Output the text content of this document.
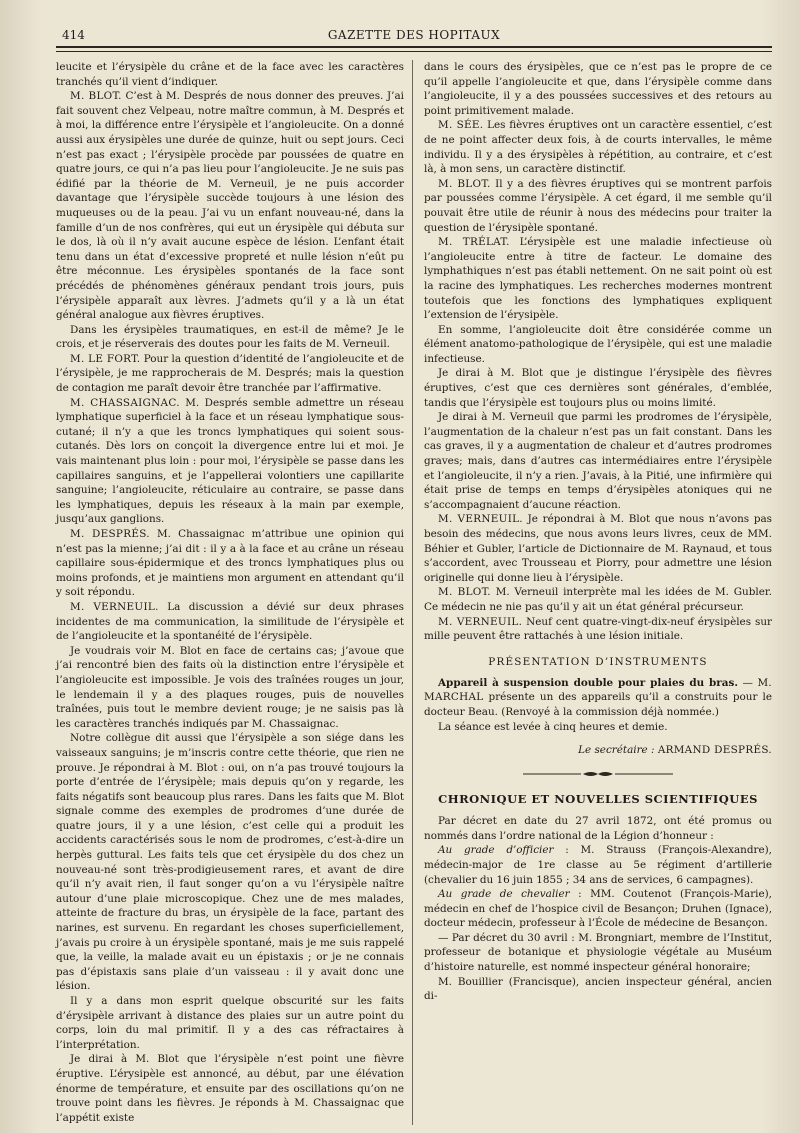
414	GAZETTE DES HOPITAUX

leucite et l’érysipèle du crâne et de la face avec les caractères tranchés qu’il vient d’indiquer.

M. BLOT. C’est à M. Després de nous donner des preuves. J’ai fait souvent chez Velpeau, notre maître commun, à M. Després et à moi, la différence entre l’érysipèle et l’angioleucite. On a donné aussi aux érysipèles une durée de quinze, huit ou sept jours. Ceci n’est pas exact ; l’érysipèle procède par poussées de quatre en quatre jours, ce qui n’a pas lieu pour l’angioleucite. Je ne suis pas édifié par la théorie de M. Verneuil, je ne puis accorder davantage que l’érysipèle succède toujours à une lésion des muqueuses ou de la peau. J’ai vu un enfant nouveau-né, dans la famille d’un de nos confrères, qui eut un érysipèle qui débuta sur le dos, là où il n’y avait aucune espèce de lésion. L’enfant était tenu dans un état d’excessive propreté et nulle lésion n’eût pu être méconnue. Les érysipèles spontanés de la face sont précédés de phénomènes généraux pendant trois jours, puis l’érysipèle apparaît aux lèvres. J’admets qu’il y a là un état général analogue aux fièvres éruptives.

Dans les érysipèles traumatiques, en est-il de même? Je le crois, et je réserverais des doutes pour les faits de M. Verneuil.

M. LE FORT. Pour la question d’identité de l’angioleucite et de l’érysipèle, je me rapprocherais de M. Després; mais la question de contagion me paraît devoir être tranchée par l’affirmative.

M. CHASSAIGNAC. M. Després semble admettre un réseau lymphatique superficiel à la face et un réseau lymphatique sous-cutané; il n’y a que les troncs lymphatiques qui soient sous-cutanés. Dès lors on conçoit la divergence entre lui et moi. Je vais maintenant plus loin : pour moi, l’érysipèle se passe dans les capillaires sanguins, et je l’appellerai volontiers une capillarite sanguine; l’angioleucite, réticulaire au contraire, se passe dans les lymphatiques, depuis les réseaux à la main par exemple, jusqu’aux ganglions.

M. DESPRÉS. M. Chassaignac m’attribue une opinion qui n’est pas la mienne; j’ai dit : il y a à la face et au crâne un réseau capillaire sous-épidermique et des troncs lymphatiques plus ou moins profonds, et je maintiens mon argument en attendant qu’il y soit répondu.

M. VERNEUIL. La discussion a dévié sur deux phrases incidentes de ma communication, la similitude de l’érysipèle et de l’angioleucite et la spontanéité de l’érysipèle.

Je voudrais voir M. Blot en face de certains cas; j’avoue que j’ai rencontré bien des faits où la distinction entre l’érysipèle et l’angioleucite est impossible. Je vois des traînées rouges un jour, le lendemain il y a des plaques rouges, puis de nouvelles traînées, puis tout le membre devient rouge; je ne saisis pas là les caractères tranchés indiqués par M. Chassaignac.

Notre collègue dit aussi que l’érysipèle a son siége dans les vaisseaux sanguins; je m’inscris contre cette théorie, que rien ne prouve. Je répondrai à M. Blot : oui, on n’a pas trouvé toujours la porte d’entrée de l’érysipèle; mais depuis qu’on y regarde, les faits négatifs sont beaucoup plus rares. Dans les faits que M. Blot signale comme des exemples de prodromes d’une durée de quatre jours, il y a une lésion, c’est celle qui a produit les accidents caractérisés sous le nom de prodromes, c’est-à-dire un herpès guttural. Les faits tels que cet érysipèle du dos chez un nouveau-né sont très-prodigieusement rares, et avant de dire qu’il n’y avait rien, il faut songer qu’on a vu l’érysipèle naître autour d’une plaie microscopique. Chez une de mes malades, atteinte de fracture du bras, un érysipèle de la face, partant des narines, est survenu. En regardant les choses superficiellement, j’avais pu croire à un érysipèle spontané, mais je me suis rappelé que, la veille, la malade avait eu un épistaxis ; or je ne connais pas d’épistaxis sans plaie d’un vaisseau : il y avait donc une lésion.

Il y a dans mon esprit quelque obscurité sur les faits d’érysipèle arrivant à distance des plaies sur un autre point du corps, loin du mal primitif. Il y a des cas réfractaires à l’interprétation.

Je dirai à M. Blot que l’érysipèle n’est point une fièvre éruptive. L’érysipèle est annoncé, au début, par une élévation énorme de température, et ensuite par des oscillations qu’on ne trouve point dans les fièvres. Je réponds à M. Chassaignac que l’appétit existe

dans le cours des érysipèles, que ce n’est pas le propre de ce qu’il appelle l’angioleucite et que, dans l’érysipèle comme dans l’angioleucite, il y a des poussées successives et des retours au point primitivement malade.

M. SÉE. Les fièvres éruptives ont un caractère essentiel, c’est de ne point affecter deux fois, à de courts intervalles, le même individu. Il y a des érysipèles à répétition, au contraire, et c’est là, à mon sens, un caractère distinctif.

M. BLOT. Il y a des fièvres éruptives qui se montrent parfois par poussées comme l’érysipèle. A cet égard, il me semble qu’il pouvait être utile de réunir à nous des médecins pour traiter la question de l’érysipèle spontané.

M. TRÉLAT. L’érysipèle est une maladie infectieuse où l’angioleucite entre à titre de facteur. Le domaine des lymphathiques n’est pas établi nettement. On ne sait point où est la racine des lymphatiques. Les recherches modernes montrent toutefois que les fonctions des lymphatiques expliquent l’extension de l’érysipèle.

En somme, l’angioleucite doit être considérée comme un élément anatomo-pathologique de l’érysipèle, qui est une maladie infectieuse.

Je dirai à M. Blot que je distingue l’érysipèle des fièvres éruptives, c’est que ces dernières sont générales, d’emblée, tandis que l’érysipèle est toujours plus ou moins limité.

Je dirai à M. Verneuil que parmi les prodromes de l’érysipèle, l’augmentation de la chaleur n’est pas un fait constant. Dans les cas graves, il y a augmentation de chaleur et d’autres prodromes graves; mais, dans d’autres cas intermédiaires entre l’érysipèle et l’angioleucite, il n’y a rien. J’avais, à la Pitié, une infirmière qui était prise de temps en temps d’érysipèles atoniques qui ne s’accompagnaient d’aucune réaction.

M. VERNEUIL. Je répondrai à M. Blot que nous n’avons pas besoin des médecins, que nous avons leurs livres, ceux de MM. Béhier et Gubler, l’article de Dictionnaire de M. Raynaud, et tous s’accordent, avec Trousseau et Piorry, pour admettre une lésion originelle qui donne lieu à l’érysipèle.

M. BLOT. M. Verneuil interprète mal les idées de M. Gubler. Ce médecin ne nie pas qu’il y ait un état général précurseur.

M. VERNEUIL. Neuf cent quatre-vingt-dix-neuf érysipèles sur mille peuvent être rattachés à une lésion initiale.

PRÉSENTATION D’INSTRUMENTS

Appareil à suspension double pour plaies du bras. — M. MARCHAL présente un des appareils qu’il a construits pour le docteur Beau. (Renvoyé à la commission déjà nommée.)

La séance est levée à cinq heures et demie.

Le secrétaire : ARMAND DESPRÉS.
CHRONIQUE ET NOUVELLES SCIENTIFIQUES

Par décret en date du 27 avril 1872, ont été promus ou nommés dans l’ordre national de la Légion d’honneur :

Au grade d’officier : M. Strauss (François-Alexandre), médecin-major de 1re classe au 5e régiment d’artillerie (chevalier du 16 juin 1855 ; 34 ans de services, 6 campagnes).

Au grade de chevalier : MM. Coutenot (François-Marie), médecin en chef de l’hospice civil de Besançon; Druhen (Ignace), docteur médecin, professeur à l’École de médecine de Besançon.

— Par décret du 30 avril : M. Brongniart, membre de l’Institut, professeur de botanique et physiologie végétale au Muséum d’histoire naturelle, est nommé inspecteur général honoraire;

M. Bouillier (Francisque), ancien inspecteur général, ancien di-
